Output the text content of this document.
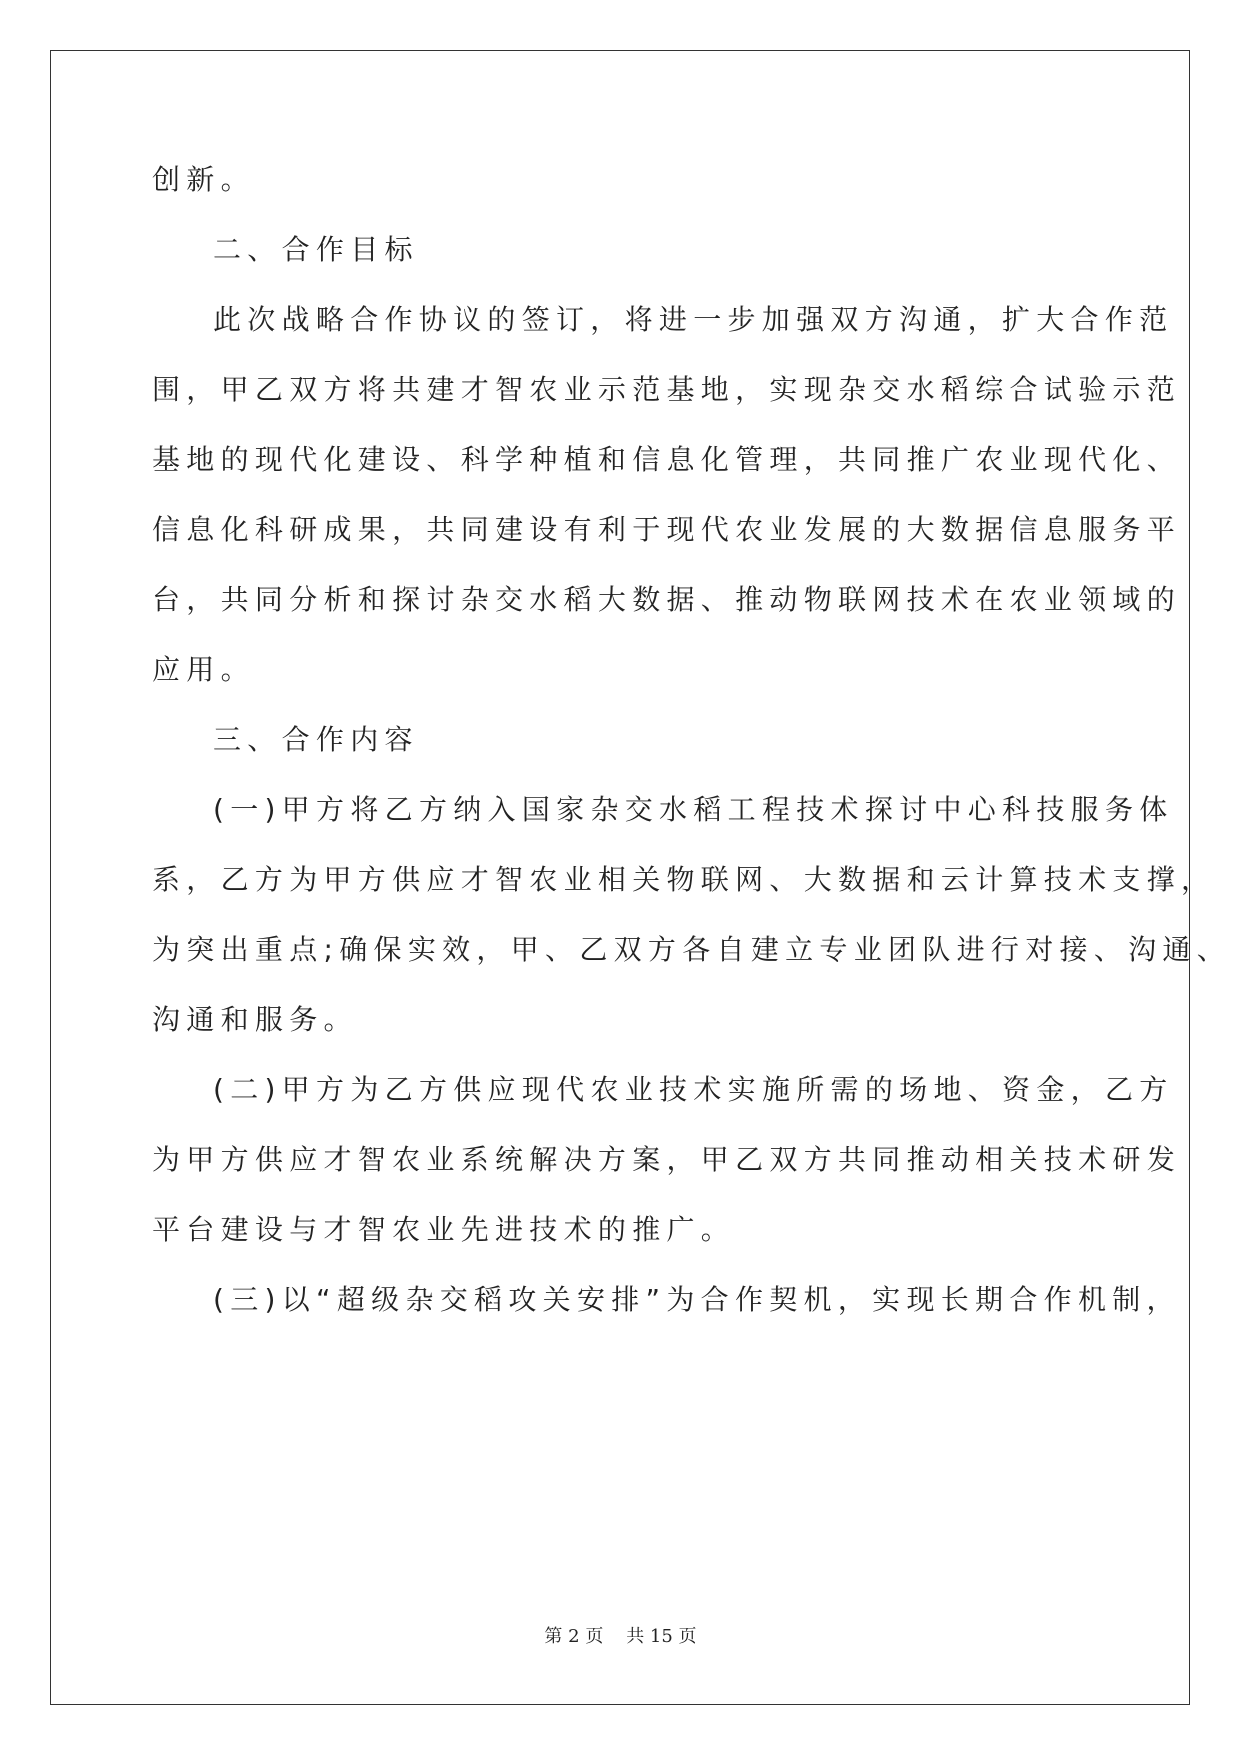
创新。
二、合作目标
此次战略合作协议的签订，将进一步加强双方沟通，扩大合作范
围，甲乙双方将共建才智农业示范基地，实现杂交水稻综合试验示范
基地的现代化建设、科学种植和信息化管理，共同推广农业现代化、
信息化科研成果，共同建设有利于现代农业发展的大数据信息服务平
台，共同分析和探讨杂交水稻大数据、推动物联网技术在农业领域的
应用。
三、合作内容
(一)甲方将乙方纳入国家杂交水稻工程技术探讨中心科技服务体
系，乙方为甲方供应才智农业相关物联网、大数据和云计算技术支撑，
为突出重点;确保实效，甲、乙双方各自建立专业团队进行对接、沟通、
沟通和服务。
(二)甲方为乙方供应现代农业技术实施所需的场地、资金，乙方
为甲方供应才智农业系统解决方案，甲乙双方共同推动相关技术研发
平台建设与才智农业先进技术的推广。
(三)以“超级杂交稻攻关安排”为合作契机，实现长期合作机制，
第 2 页    共 15 页
